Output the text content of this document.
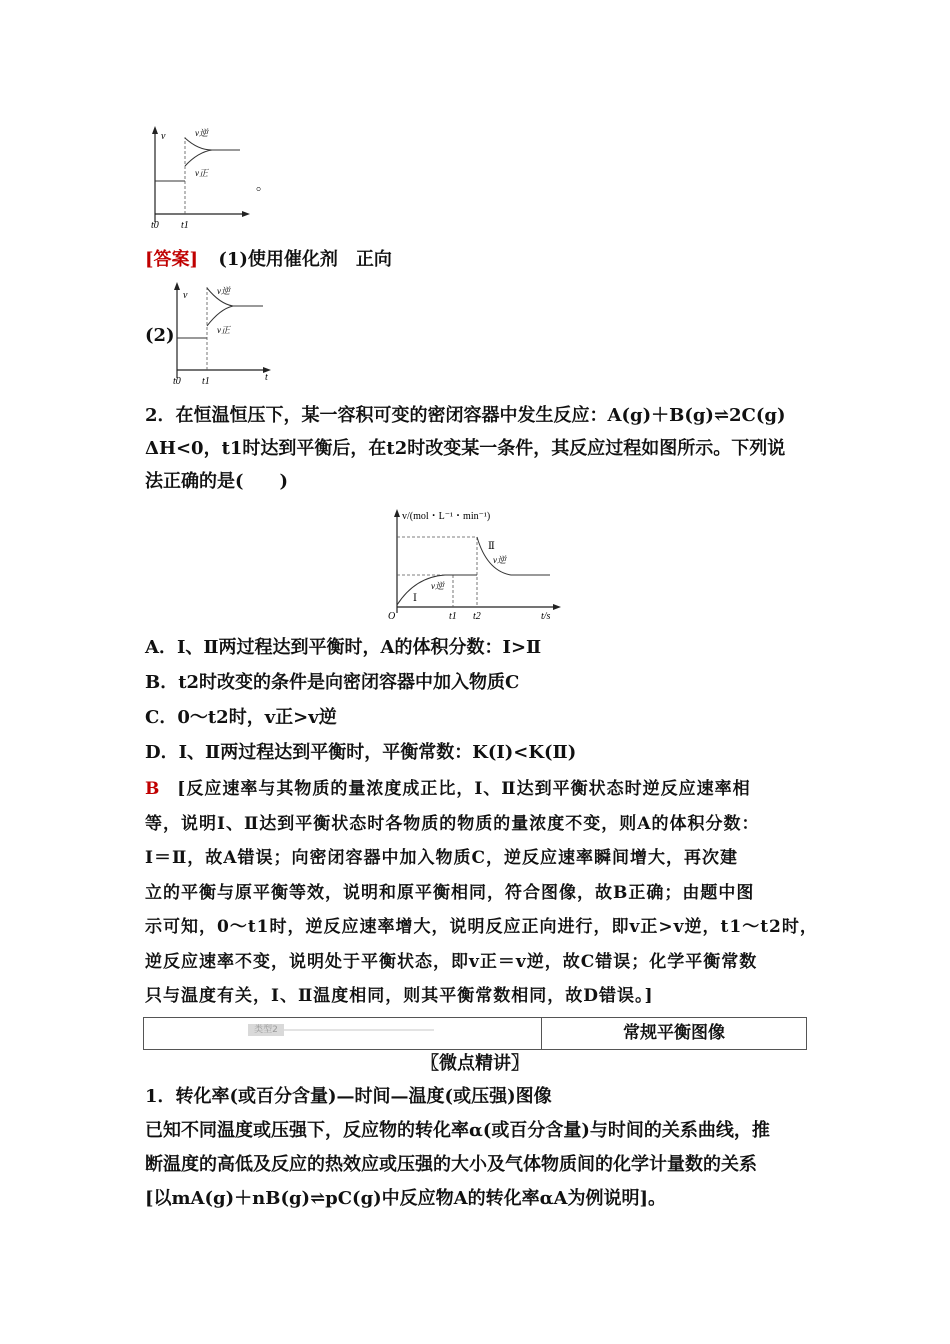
v	v逆
v正
t0 t1
。
[答案] (1)使用催化剂　正向
(2)
v	v逆
v正
t0 t1	t
2．在恒温恒压下，某一容积可变的密闭容器中发生反应：A(g)＋B(g)⇌2C(g)
ΔH<0，t1时达到平衡后，在t2时改变某一条件，其反应过程如图所示。下列说
法正确的是(　　)
v/(mol・L⁻¹・min⁻¹)
Ⅱ
v逆
v逆
Ⅰ
O	t1 t2	t/s
A．Ⅰ、Ⅱ两过程达到平衡时，A的体积分数：Ⅰ>Ⅱ
B．t2时改变的条件是向密闭容器中加入物质C
C．0～t2时，v正>v逆
D．Ⅰ、Ⅱ两过程达到平衡时，平衡常数：K(Ⅰ)<K(Ⅱ)
B [反应速率与其物质的量浓度成正比，Ⅰ、Ⅱ达到平衡状态时逆反应速率相
等，说明Ⅰ、Ⅱ达到平衡状态时各物质的物质的量浓度不变，则A的体积分数：
Ⅰ＝Ⅱ，故A错误；向密闭容器中加入物质C，逆反应速率瞬间增大，再次建
立的平衡与原平衡等效，说明和原平衡相同，符合图像，故B正确；由题中图
示可知，0～t1时，逆反应速率增大，说明反应正向进行，即v正>v逆，t1～t2时，
逆反应速率不变，说明处于平衡状态，即v正＝v逆，故C错误；化学平衡常数
只与温度有关，Ⅰ、Ⅱ温度相同，则其平衡常数相同，故D错误。]
类型2	常规平衡图像
〖微点精讲〗
1．转化率(或百分含量)—时间—温度(或压强)图像
已知不同温度或压强下，反应物的转化率α(或百分含量)与时间的关系曲线，推
断温度的高低及反应的热效应或压强的大小及气体物质间的化学计量数的关系
[以mA(g)＋nB(g)⇌pC(g)中反应物A的转化率αA为例说明]。
